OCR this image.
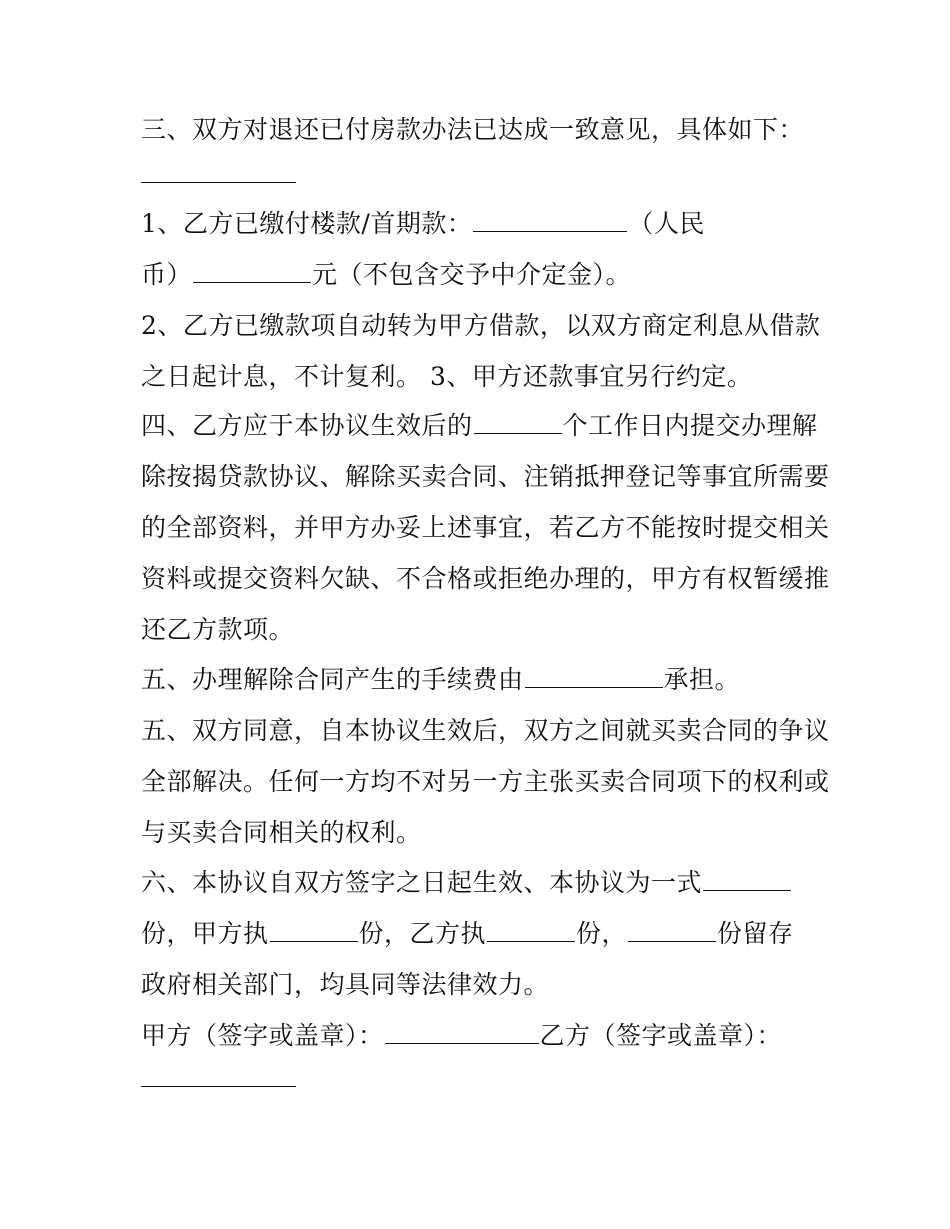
三、双方对退还已付房款办法已达成一致意见，具体如下：
1、乙方已缴付楼款/首期款：	（人民
币）	元（不包含交予中介定金）。
2、乙方已缴款项自动转为甲方借款，以双方商定利息从借款
之日起计息，不计复利。 3、甲方还款事宜另行约定。
四、乙方应于本协议生效后的	个工作日内提交办理解
除按揭贷款协议、解除买卖合同、注销抵押登记等事宜所需要
的全部资料，并甲方办妥上述事宜，若乙方不能按时提交相关
资料或提交资料欠缺、不合格或拒绝办理的，甲方有权暂缓推
还乙方款项。
五、办理解除合同产生的手续费由	承担。
五、双方同意，自本协议生效后，双方之间就买卖合同的争议
全部解决。任何一方均不对另一方主张买卖合同项下的权利或
与买卖合同相关的权利。
六、本协议自双方签字之日起生效、本协议为一式
份，甲方执	份，乙方执	份，	份留存
政府相关部门，均具同等法律效力。
甲方（签字或盖章）：	乙方（签字或盖章）：
